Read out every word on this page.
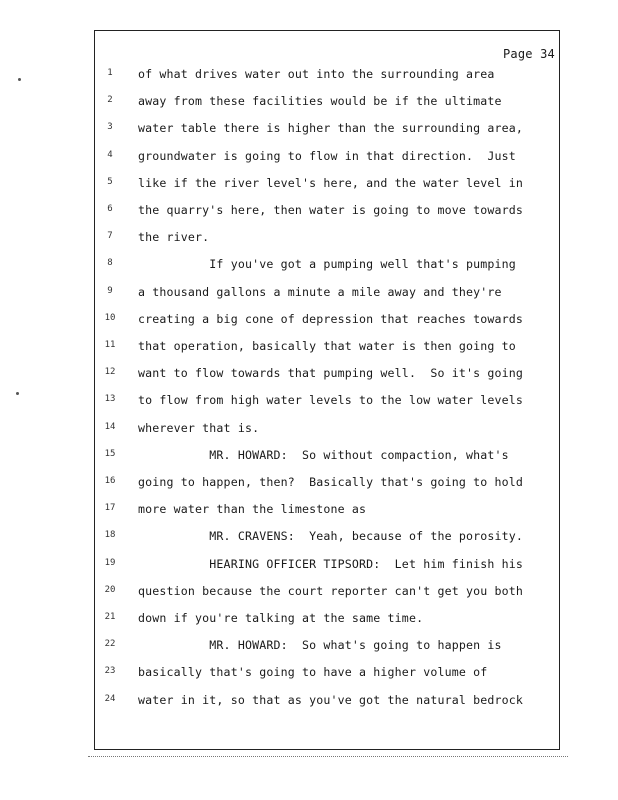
Page 34
1	of what drives water out into the surrounding area
2	away from these facilities would be if the ultimate
3	water table there is higher than the surrounding area,
4	groundwater is going to flow in that direction.  Just
5	like if the river level's here, and the water level in
6	the quarry's here, then water is going to move towards
7	the river.
8	If you've got a pumping well that's pumping
9	a thousand gallons a minute a mile away and they're
10	creating a big cone of depression that reaches towards
11	that operation, basically that water is then going to
12	want to flow towards that pumping well.  So it's going
13	to flow from high water levels to the low water levels
14	wherever that is.
15	MR. HOWARD:  So without compaction, what's
16	going to happen, then?  Basically that's going to hold
17	more water than the limestone as
18	MR. CRAVENS:  Yeah, because of the porosity.
19	HEARING OFFICER TIPSORD:  Let him finish his
20	question because the court reporter can't get you both
21	down if you're talking at the same time.
22	MR. HOWARD:  So what's going to happen is
23	basically that's going to have a higher volume of
24	water in it, so that as you've got the natural bedrock
